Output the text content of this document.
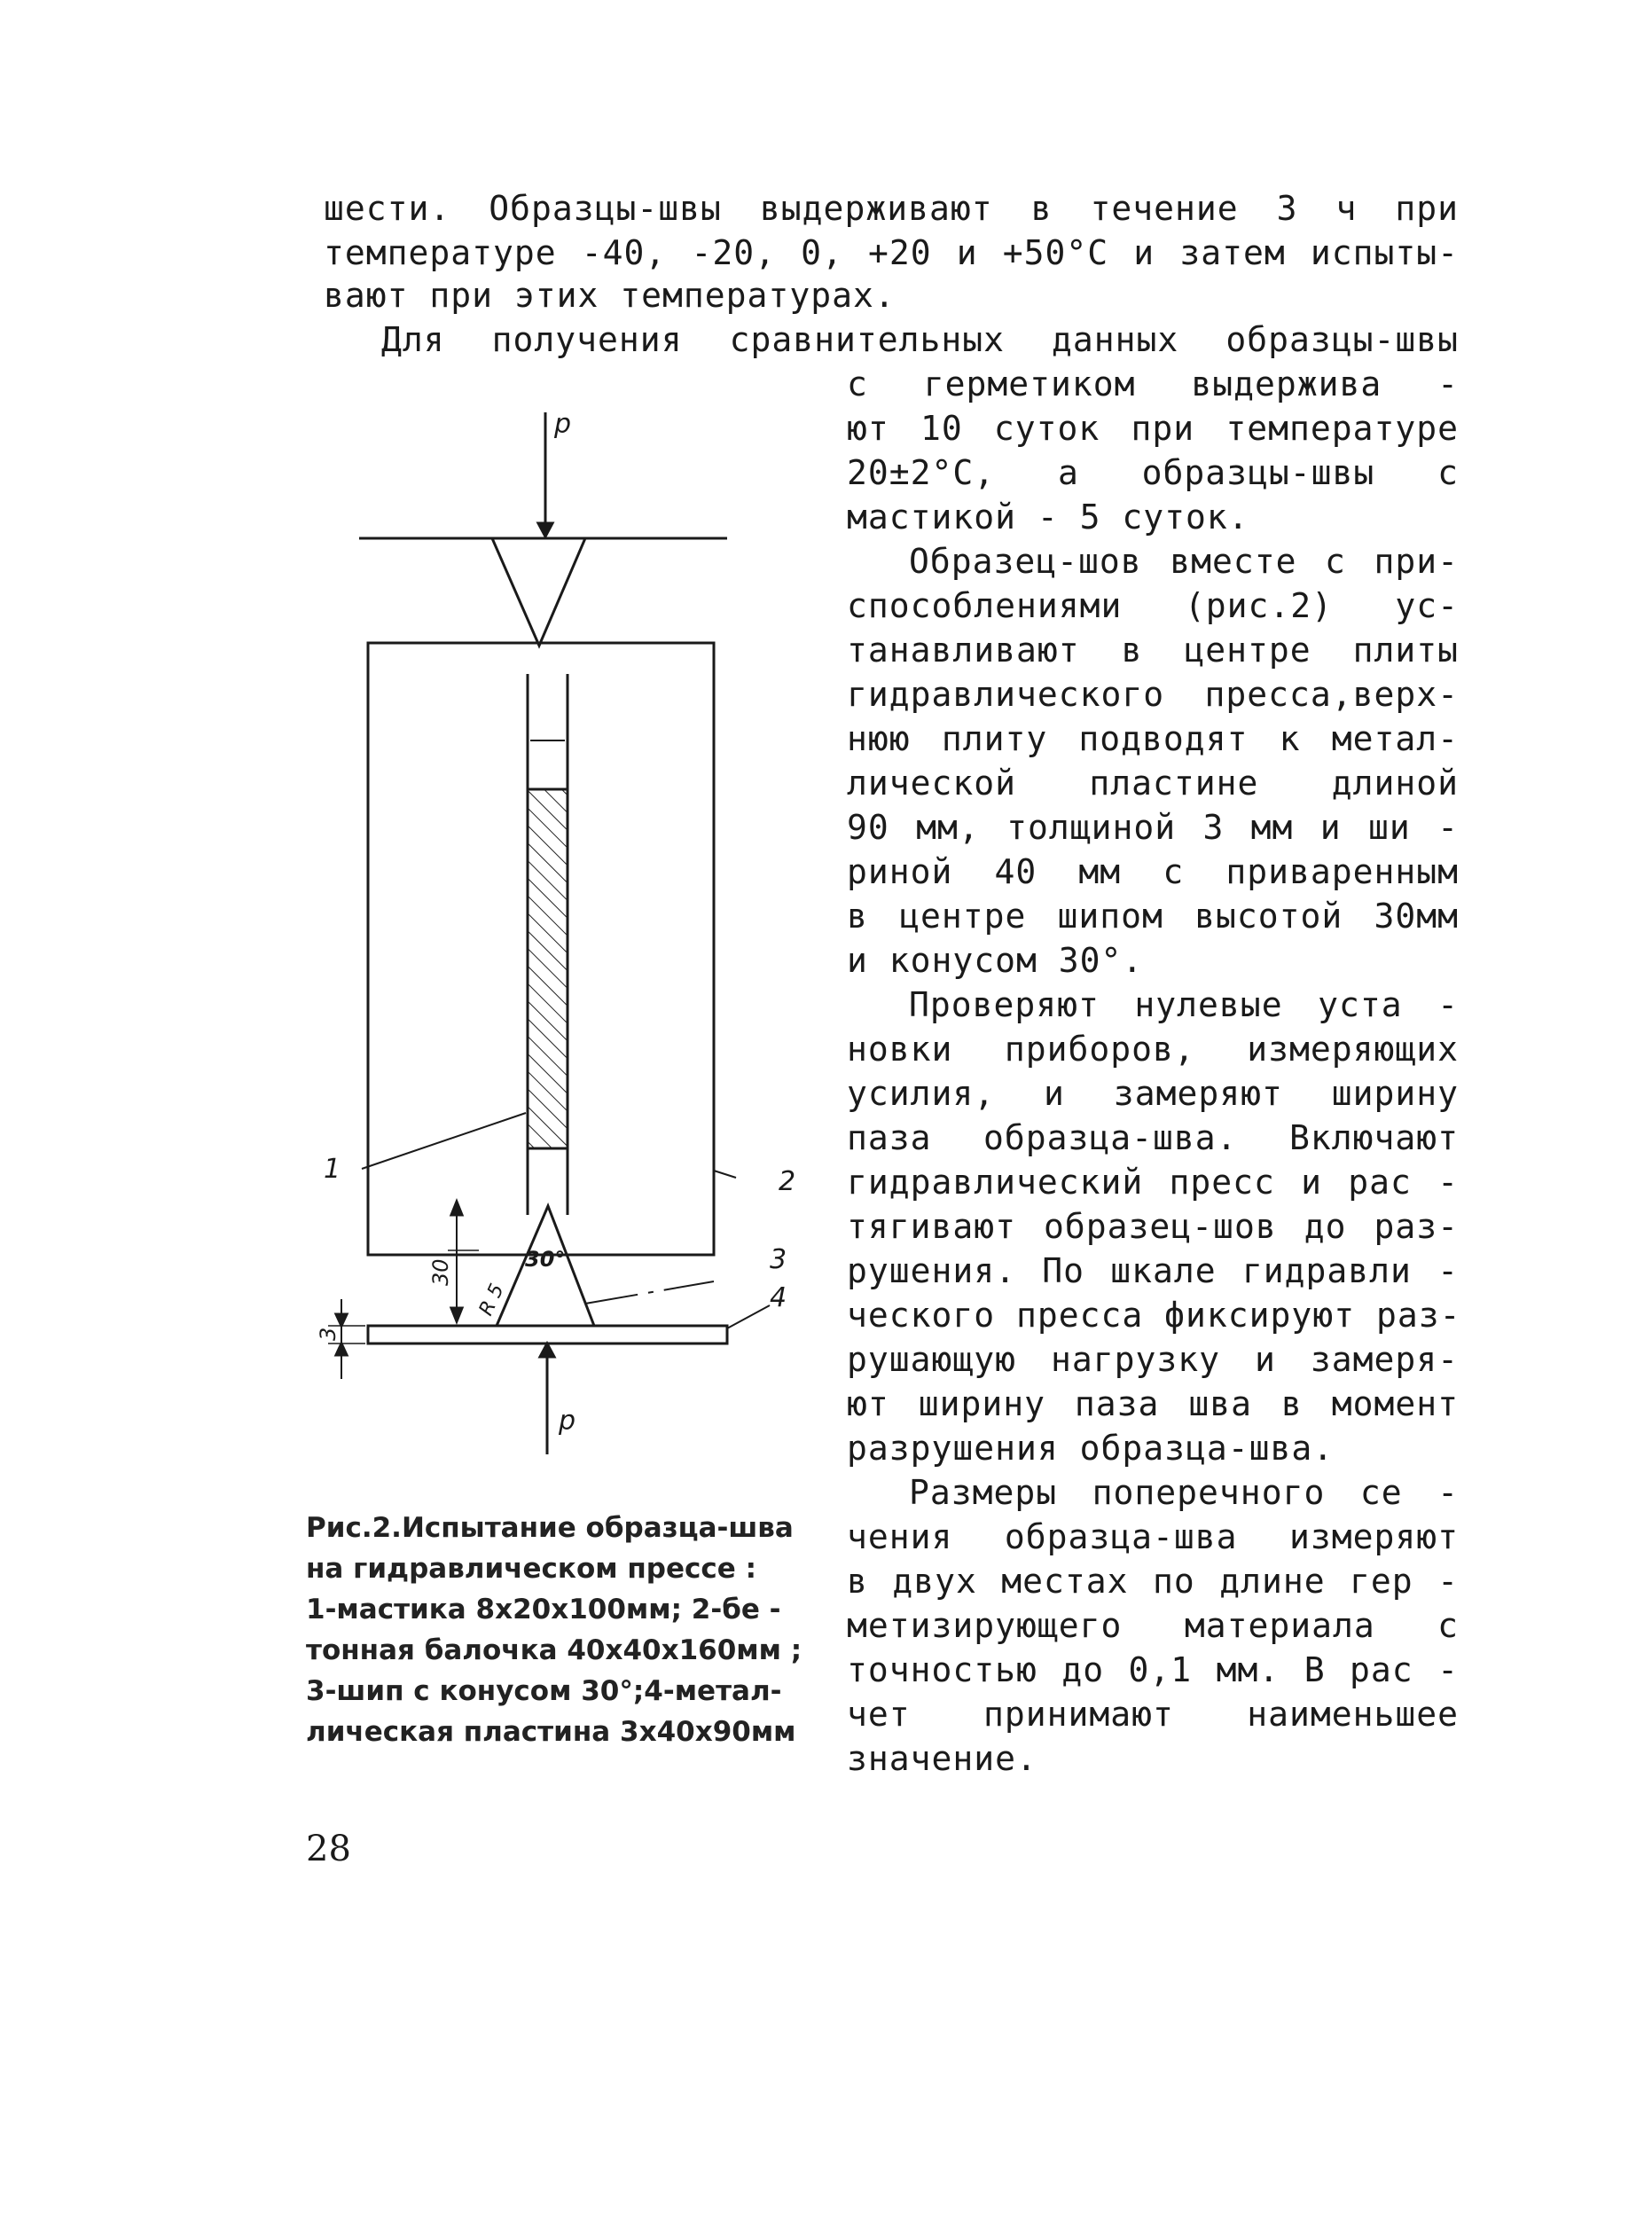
шести. Образцы-швы выдерживают в течение 3 ч при
температуре -40, -20, 0, +20 и +50°С и затем испыты-
вают при этих температурах.
Для получения сравнительных данных образцы-швы
с герметиком выдержива -
ют 10 суток при температуре
20±2°С, а образцы-швы с
мастикой - 5 суток.
Образец-шов вместе с при-
способлениями (рис.2) ус-
танавливают в центре плиты
гидравлического пресса,верх-
нюю плиту подводят к метал-
лической пластине длиной
90 мм, толщиной 3 мм и ши -
риной 40 мм с приваренным
в центре шипом высотой 30мм
и конусом 30°.
Проверяют нулевые уста -
новки приборов, измеряющих
усилия, и замеряют ширину
паза образца-шва. Включают
гидравлический пресс и рас -
тягивают образец-шов до раз-
рушения. По шкале гидравли -
ческого пресса фиксируют раз-
рушающую нагрузку и замеря-
ют ширину паза шва в момент
разрушения образца-шва.
Размеры поперечного се -
чения образца-шва измеряют
в двух местах по длине гер -
метизирующего материала с
точностью до 0,1 мм. В рас -
чет принимают наименьшее
значение.
p
p
1	2
3
4
30°
30
3
R 5
Рис.2.Испытание образца-шва
на гидравлическом прессе :
1-мастика 8x20x100мм; 2-бе -
тонная балочка 40x40x160мм ;
3-шип с конусом 30°;4-метал-
лическая пластина 3x40x90мм
28
